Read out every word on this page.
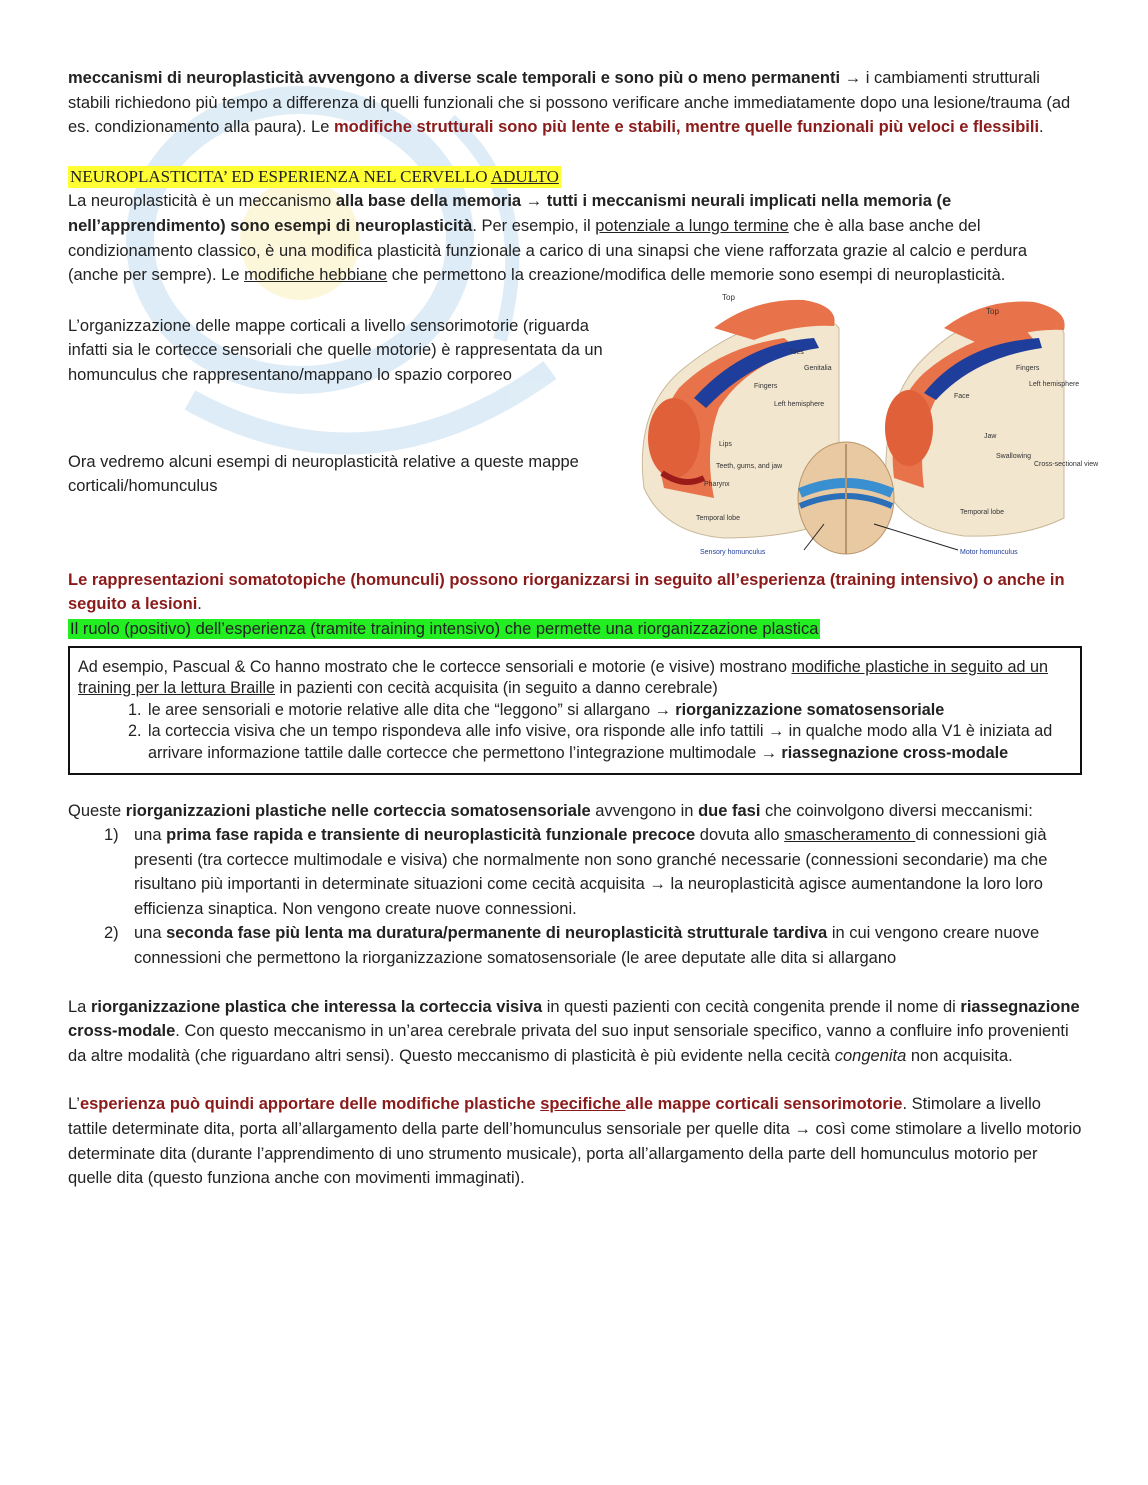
meccanismi di neuroplasticità avvengono a diverse scale temporali e sono più o meno permanenti → i cambiamenti strutturali stabili richiedono più tempo a differenza di quelli funzionali che si possono verificare anche immediatamente dopo una lesione/trauma (ad es. condizionamento alla paura). Le modifiche strutturali sono più lente e stabili, mentre quelle funzionali più veloci e flessibili.

NEUROPLASTICITA’ ED ESPERIENZA NEL CERVELLO ADULTO

La neuroplasticità è un meccanismo alla base della memoria → tutti i meccanismi neurali implicati nella memoria (e nell’apprendimento) sono esempi di neuroplasticità. Per esempio, il potenziale a lungo termine che è alla base anche del condizionamento classico, è una modifica plasticità funzionale a carico di una sinapsi che viene rafforzata grazie al calcio e perdura (anche per sempre). Le modifiche hebbiane che permettono la creazione/modifica delle memorie sono esempi di neuroplasticità.

L’organizzazione delle mappe corticali a livello sensorimotorie (riguarda infatti sia le cortecce sensoriali che quelle motorie) è rappresentata da un homunculus che rappresentano/mappano lo spazio corporeo

Ora vedremo alcuni esempi di neuroplasticità relative a queste mappe corticali/homunculus

Top
Top
Genitalia
Toes
Fingers
Left hemisphere
Lips
Teeth, gums, and jaw
Pharynx
Left hemisphere
Jaw
Swallowing
Fingers
Face
Temporal lobe
Temporal lobe
Cross-sectional view
Sensory homunculus	Motor homunculus

Le rappresentazioni somatotopiche (homunculi) possono riorganizzarsi in seguito all’esperienza (training intensivo) o anche in seguito a lesioni.

Il ruolo (positivo) dell’esperienza (tramite training intensivo) che permette una riorganizzazione plastica

Ad esempio, Pascual & Co hanno mostrato che le cortecce sensoriali e motorie (e visive) mostrano modifiche plastiche in seguito ad un training per la lettura Braille in pazienti con cecità acquisita (in seguito a danno cerebrale)

1. le aree sensoriali e motorie relative alle dita che “leggono” si allargano → riorganizzazione somatosensoriale
2. la corteccia visiva che un tempo rispondeva alle info visive, ora risponde alle info tattili → in qualche modo alla V1 è iniziata ad arrivare informazione tattile dalle cortecce che permettono l’integrazione multimodale → riassegnazione cross-modale

Queste riorganizzazioni plastiche nelle corteccia somatosensoriale avvengono in due fasi che coinvolgono diversi meccanismi:

1) una prima fase rapida e transiente di neuroplasticità funzionale precoce dovuta allo smascheramento di connessioni già presenti (tra cortecce multimodale e visiva) che normalmente non sono granché necessarie (connessioni secondarie) ma che risultano più importanti in determinate situazioni come cecità acquisita → la neuroplasticità agisce aumentandone la loro loro efficienza sinaptica. Non vengono create nuove connessioni.
2) una seconda fase più lenta ma duratura/permanente di neuroplasticità strutturale tardiva in cui vengono creare nuove connessioni che permettono la riorganizzazione somatosensoriale (le aree deputate alle dita si allargano

La riorganizzazione plastica che interessa la corteccia visiva in questi pazienti con cecità congenita prende il nome di riassegnazione cross-modale. Con questo meccanismo in un’area cerebrale privata del suo input sensoriale specifico, vanno a confluire info provenienti da altre modalità (che riguardano altri sensi). Questo meccanismo di plasticità è più evidente nella cecità congenita non acquisita.

L’esperienza può quindi apportare delle modifiche plastiche specifiche alle mappe corticali sensorimotorie. Stimolare a livello tattile determinate dita, porta all’allargamento della parte dell’homunculus sensoriale per quelle dita → così come stimolare a livello motorio determinate dita (durante l’apprendimento di uno strumento musicale), porta all’allargamento della parte dell homunculus motorio per quelle dita (questo funziona anche con movimenti immaginati).
